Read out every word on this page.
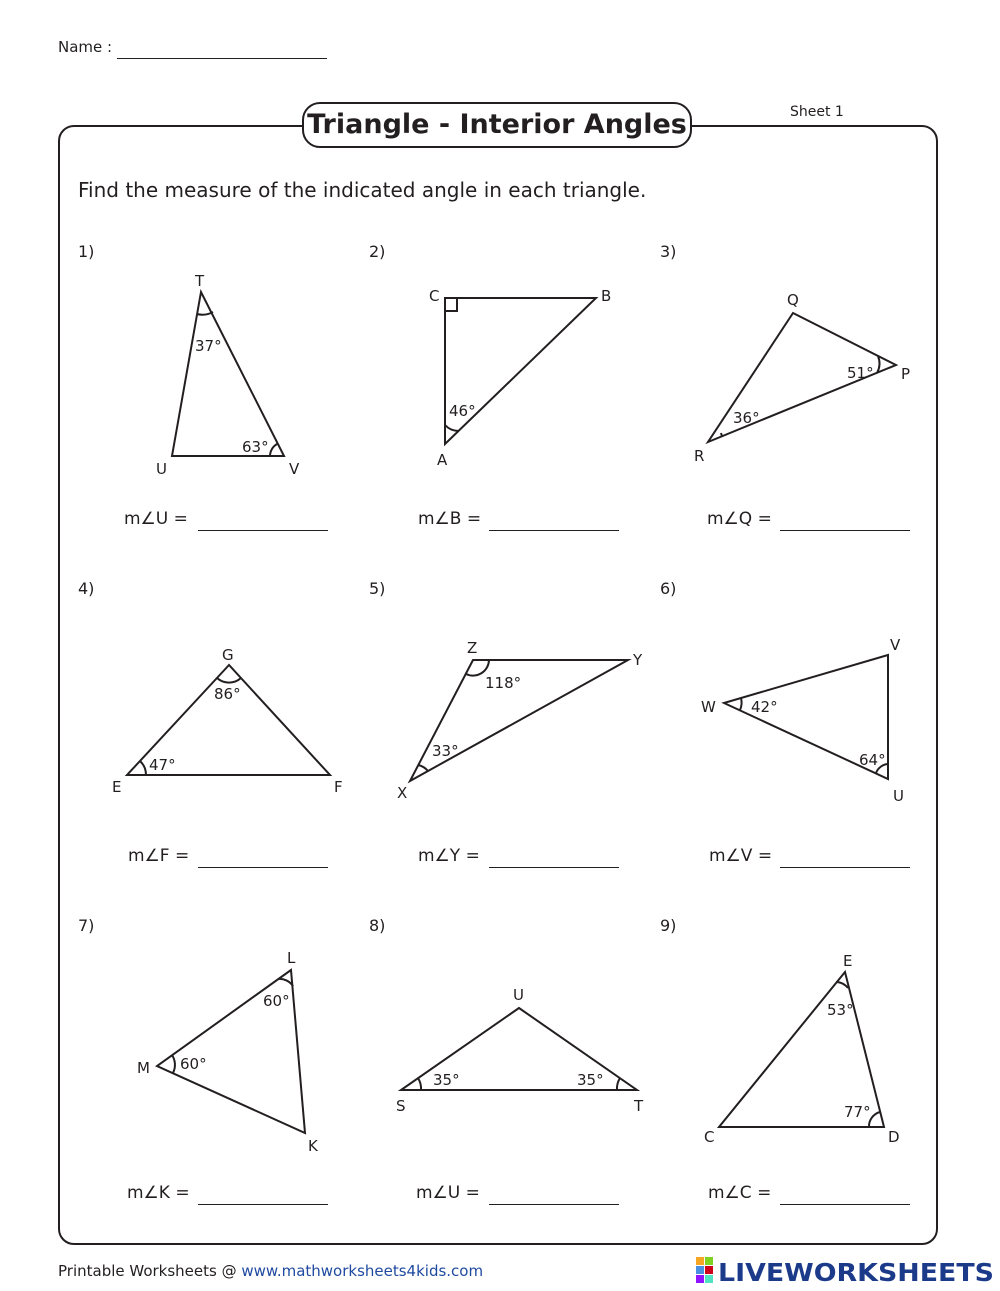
Name :
Triangle - Interior Angles	Sheet 1
Find the measure of the indicated angle in each triangle.
1)	2)	3)
4)	5)	6)
7)	8)	9)
T
U	V
37°
63°
C	B
A
46°
Q
P
R
51°
36°
G
E	F
86°
47°
Z
Y
X
118°
33°
V
W
U
42°
64°
L
M
K
60°
60°
U
S	T
35°	35°
E
C	D
53°
77°
m∠U =	m∠B =	m∠Q =
m∠F =	m∠Y =	m∠V =
m∠K =	m∠U =	m∠C =
Printable Worksheets @ www.mathworksheets4kids.com	LIVEWORKSHEETS
